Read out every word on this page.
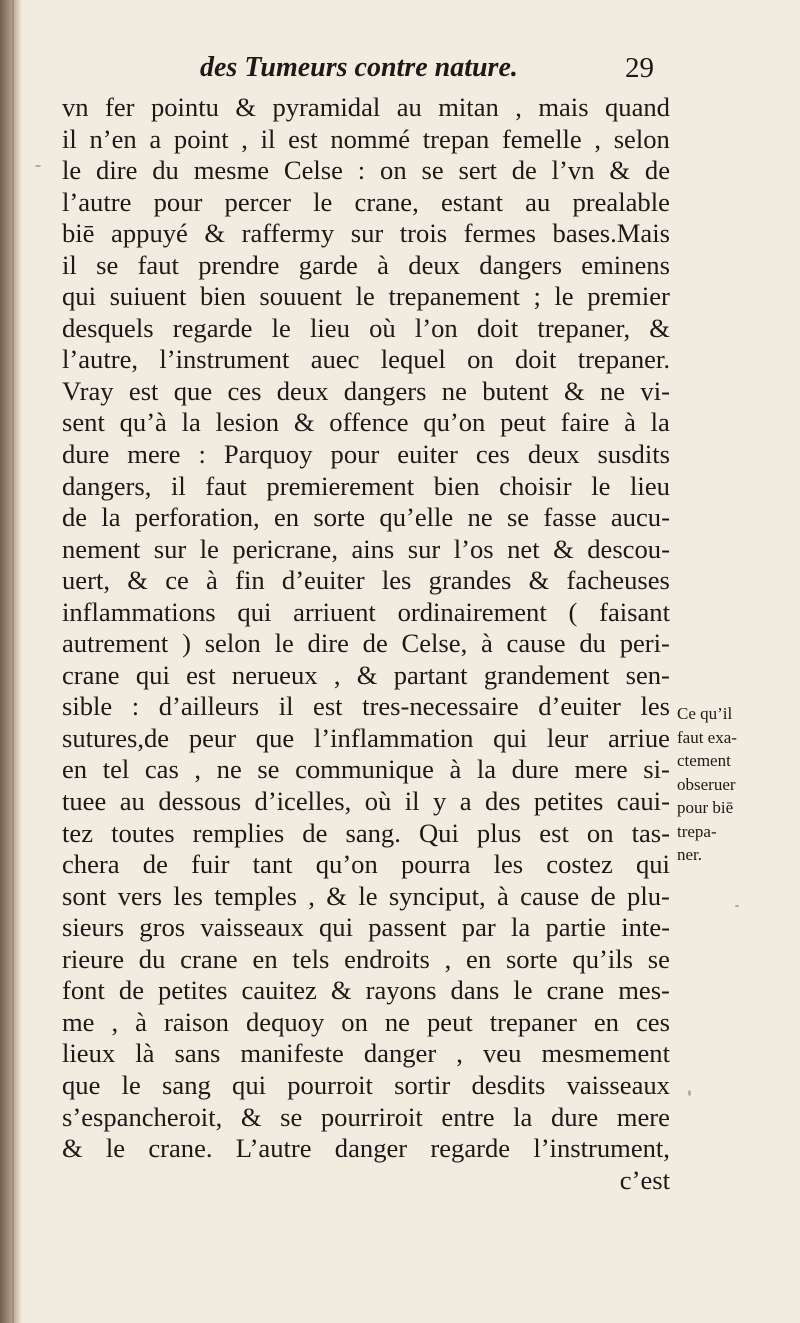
des Tumeurs contre nature.	29
vn fer pointu & pyramidal au mitan , mais quand
il n’en a point , il est nommé trepan femelle , selon
le dire du mesme Celse : on se sert de l’vn & de
l’autre pour percer le crane, estant au prealable
biē appuyé & raffermy sur trois fermes bases.Mais
il se faut prendre garde à deux dangers eminens
qui suiuent bien souuent le trepanement ; le premier
desquels regarde le lieu où l’on doit trepaner, &
l’autre, l’instrument auec lequel on doit trepaner.
Vray est que ces deux dangers ne butent & ne vi-
sent qu’à la lesion & offence qu’on peut faire à la
dure mere : Parquoy pour euiter ces deux susdits
dangers, il faut premierement bien choisir le lieu
de la perforation, en sorte qu’elle ne se fasse aucu-
nement sur le pericrane, ains sur l’os net & descou-
uert, & ce à fin d’euiter les grandes & facheuses
inflammations qui arriuent ordinairement ( faisant
autrement ) selon le dire de Celse, à cause du peri-
crane qui est nerueux , & partant grandement sen-
sible : d’ailleurs il est tres-necessaire d’euiter les
sutures,de peur que l’inflammation qui leur arriue
en tel cas , ne se communique à la dure mere si-
tuee au dessous d’icelles, où il y a des petites caui-
tez toutes remplies de sang. Qui plus est on tas-
chera de fuir tant qu’on pourra les costez qui
sont vers les temples , & le synciput, à cause de plu-
sieurs gros vaisseaux qui passent par la partie inte-
rieure du crane en tels endroits , en sorte qu’ils se
font de petites cauitez & rayons dans le crane mes-
me , à raison dequoy on ne peut trepaner en ces
lieux là sans manifeste danger , veu mesmement
que le sang qui pourroit sortir desdits vaisseaux
s’espancheroit, & se pourriroit entre la dure mere
& le crane. L’autre danger regarde l’instrument,
c’est
Ce qu’il
faut exa-
ctement
obseruer
pour biē
trepa-
ner.
